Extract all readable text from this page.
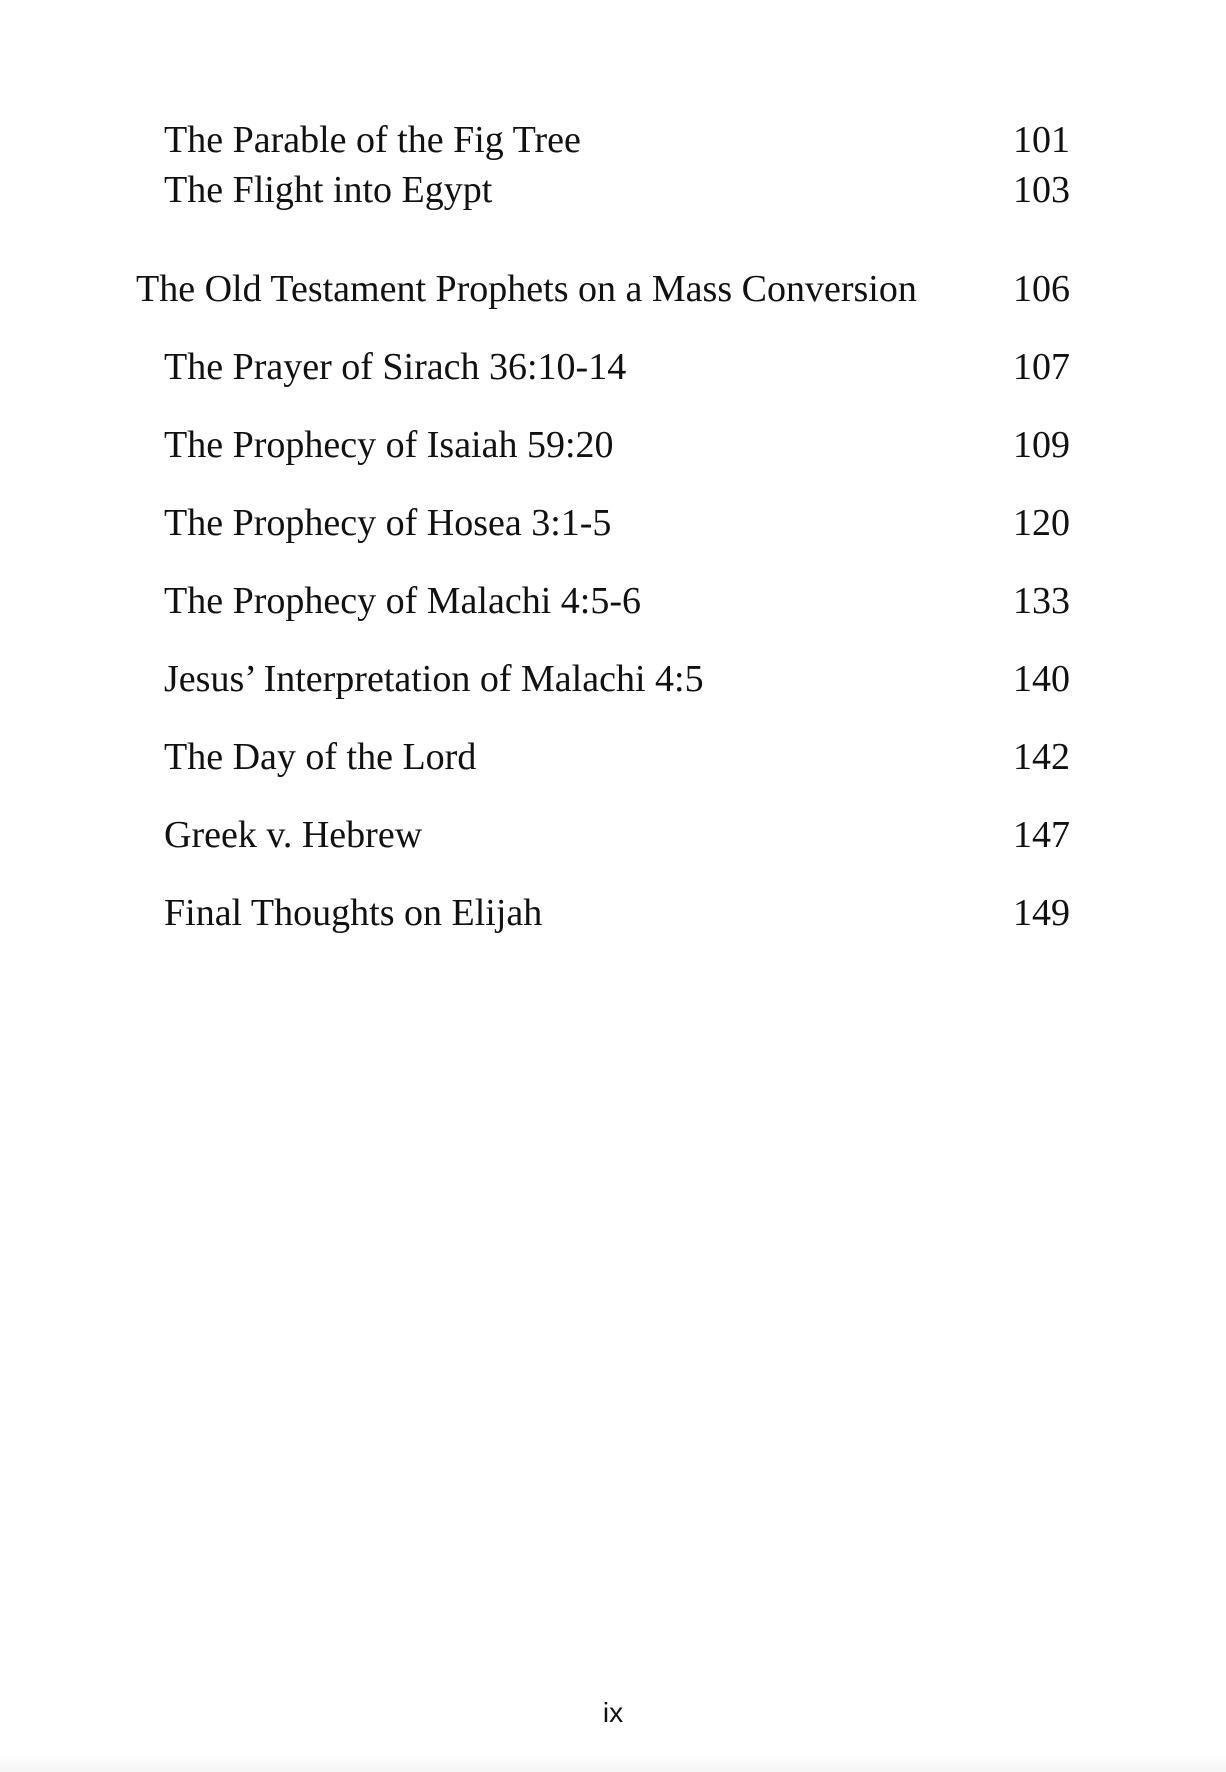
The Parable of the Fig Tree	101
The Flight into Egypt	103
The Old Testament Prophets on a Mass Conversion	106
The Prayer of Sirach 36:10-14	107
The Prophecy of Isaiah 59:20	109
The Prophecy of Hosea 3:1-5	120
The Prophecy of Malachi 4:5-6	133
Jesus’ Interpretation of Malachi 4:5	140
The Day of the Lord	142
Greek v. Hebrew	147
Final Thoughts on Elijah	149
ix
